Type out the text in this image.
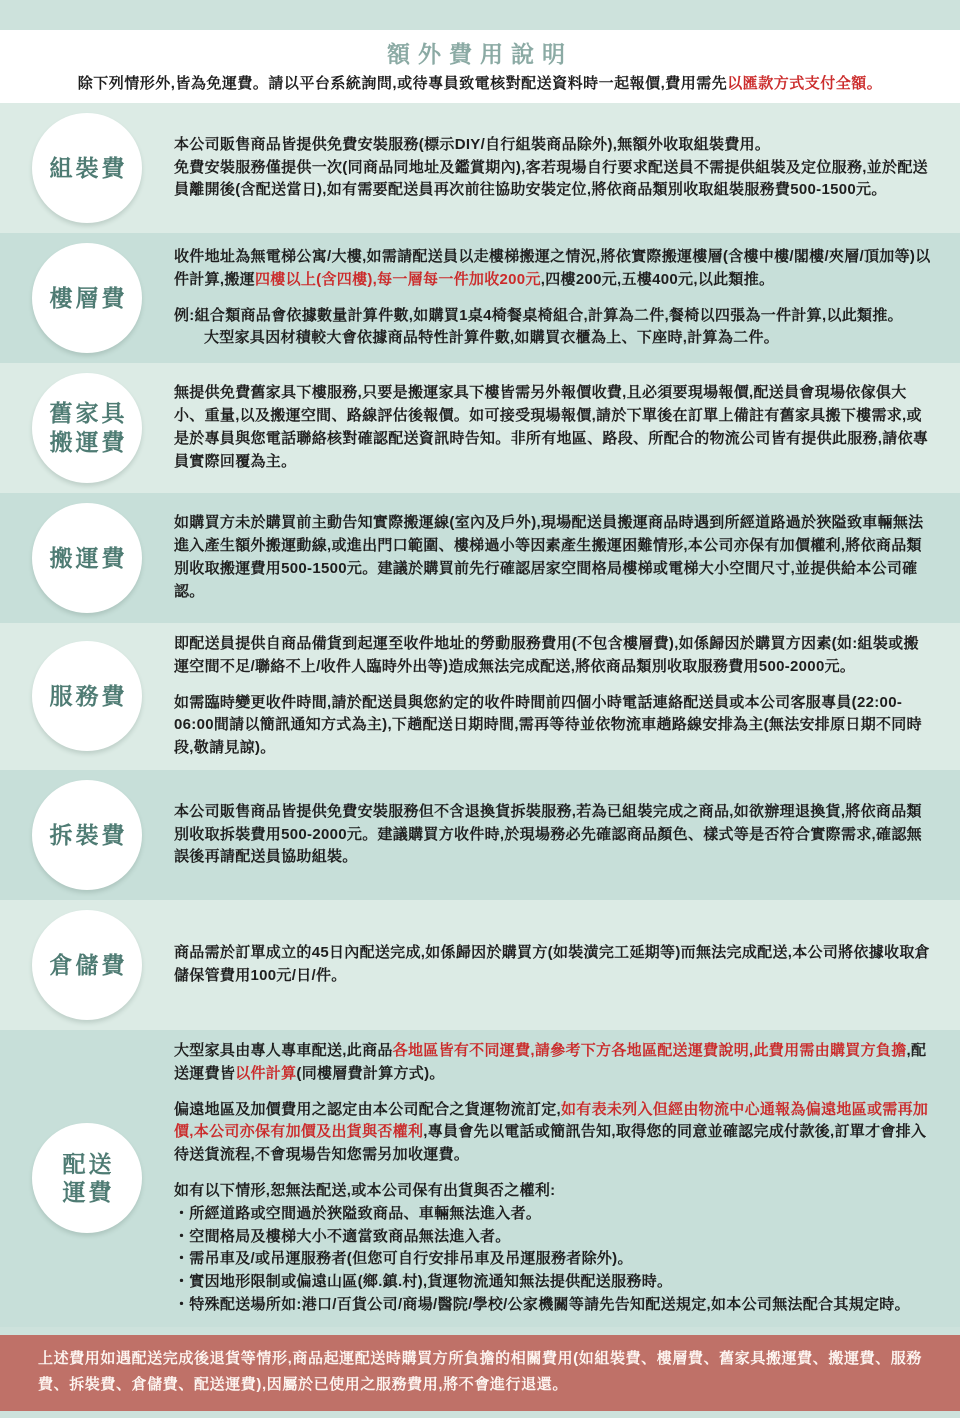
額外費用說明
除下列情形外,皆為免運費。請以平台系統詢問,或待專員致電核對配送資料時一起報價,費用需先以匯款方式支付全額。
組裝費

本公司販售商品皆提供免費安裝服務(標示DIY/自行組裝商品除外),無額外收取組裝費用。

免費安裝服務僅提供一次(同商品同地址及鑑賞期內),客若現場自行要求配送員不需提供組裝及定位服務,並於配送員離開後(含配送當日),如有需要配送員再次前往協助安裝定位,將依商品類別收取組裝服務費500-1500元。

樓層費

收件地址為無電梯公寓/大樓,如需請配送員以走樓梯搬運之情況,將依實際搬運樓層(含樓中樓/閣樓/夾層/頂加等)以件計算,搬運四樓以上(含四樓),每一層每一件加收200元,四樓200元,五樓400元,以此類推。

例:組合類商品會依據數量計算件數,如購買1桌4椅餐桌椅組合,計算為二件,餐椅以四張為一件計算,以此類推。

大型家具因材積較大會依據商品特性計算件數,如購買衣櫃為上、下座時,計算為二件。

舊家具
搬運費

無提供免費舊家具下樓服務,只要是搬運家具下樓皆需另外報價收費,且必須要現場報價,配送員會現場依傢俱大小、重量,以及搬運空間、路線評估後報價。如可接受現場報價,請於下單後在訂單上備註有舊家具搬下樓需求,或是於專員與您電話聯絡核對確認配送資訊時告知。非所有地區、路段、所配合的物流公司皆有提供此服務,請依專員實際回覆為主。

搬運費

如購買方未於購買前主動告知實際搬運線(室內及戶外),現場配送員搬運商品時遇到所經道路過於狹隘致車輛無法進入產生額外搬運動線,或進出門口範圍、樓梯過小等因素產生搬運困難情形,本公司亦保有加價權利,將依商品類別收取搬運費用500-1500元。建議於購買前先行確認居家空間格局樓梯或電梯大小空間尺寸,並提供給本公司確認。

服務費

即配送員提供自商品備貨到起運至收件地址的勞動服務費用(不包含樓層費),如係歸因於購買方因素(如:組裝或搬運空間不足/聯絡不上/收件人臨時外出等)造成無法完成配送,將依商品類別收取服務費用500-2000元。

如需臨時變更收件時間,請於配送員與您約定的收件時間前四個小時電話連絡配送員或本公司客服專員(22:00-06:00間請以簡訊通知方式為主),下趟配送日期時間,需再等待並依物流車趟路線安排為主(無法安排原日期不同時段,敬請見諒)。

拆裝費

本公司販售商品皆提供免費安裝服務但不含退換貨拆裝服務,若為已組裝完成之商品,如欲辦理退換貨,將依商品類別收取拆裝費用500-2000元。建議購買方收件時,於現場務必先確認商品顏色、樣式等是否符合實際需求,確認無誤後再請配送員協助組裝。

倉儲費	商品需於訂單成立的45日內配送完成,如係歸因於購買方(如裝潢完工延期等)而無法完成配送,本公司將依據收取倉儲保管費用100元/日/件。

配送
運費

大型家具由專人專車配送,此商品各地區皆有不同運費,請參考下方各地區配送運費說明,此費用需由購買方負擔,配送運費皆以件計算(同樓層費計算方式)。

偏遠地區及加價費用之認定由本公司配合之貨運物流訂定,如有表未列入但經由物流中心通報為偏遠地區或需再加價,本公司亦保有加價及出貨與否權利,專員會先以電話或簡訊告知,取得您的同意並確認完成付款後,訂單才會排入待送貨流程,不會現場告知您需另加收運費。

如有以下情形,恕無法配送,或本公司保有出貨與否之權利:

・所經道路或空間過於狹隘致商品、車輛無法進入者。

・空間格局及樓梯大小不適當致商品無法進入者。

・需吊車及/或吊運服務者(但您可自行安排吊車及吊運服務者除外)。

・實因地形限制或偏遠山區(鄉.鎮.村),貨運物流通知無法提供配送服務時。

・特殊配送場所如:港口/百貨公司/商場/醫院/學校/公家機關等請先告知配送規定,如本公司無法配合其規定時。

上述費用如遇配送完成後退貨等情形,商品起運配送時購買方所負擔的相關費用(如組裝費、樓層費、舊家具搬運費、搬運費、服務費、拆裝費、倉儲費、配送運費),因屬於已使用之服務費用,將不會進行退還。
